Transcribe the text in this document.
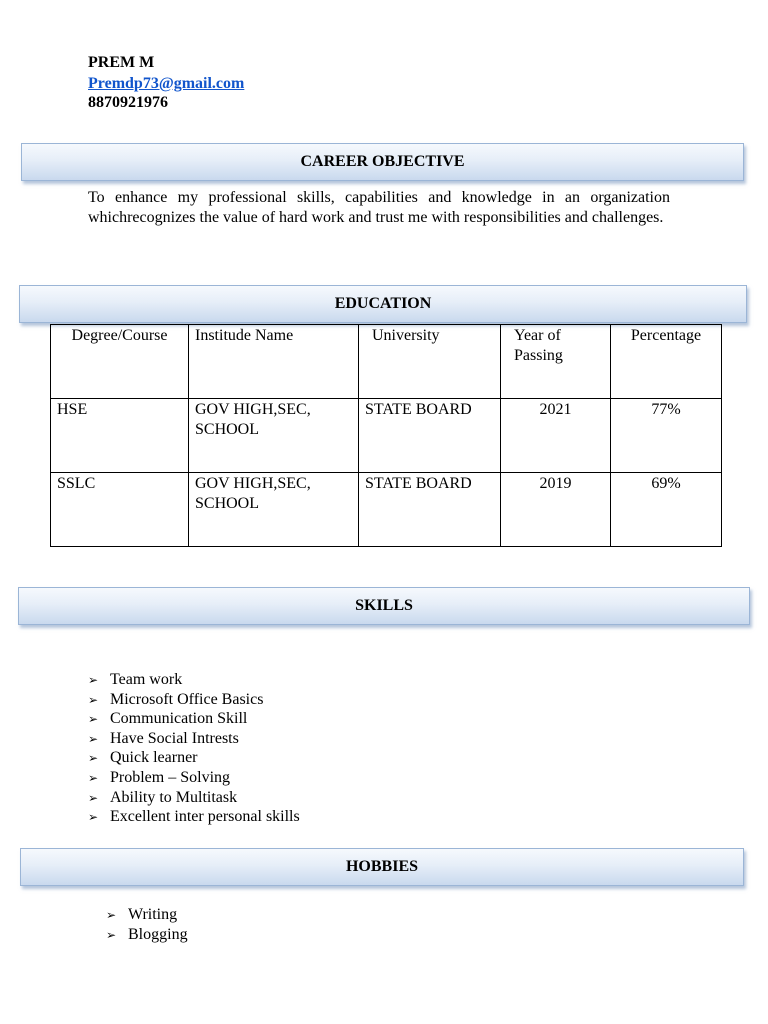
PREM M
Premdp73@gmail.com
8870921976
CAREER OBJECTIVE
To enhance my professional skills, capabilities and knowledge in an organization whichrecognizes the value of hard work and trust me with responsibilities and challenges.
EDUCATION
Degree/Course	Institude Name	University	Year of Passing	Percentage
HSE	GOV HIGH,SEC, SCHOOL	STATE BOARD	2021	77%
SSLC	GOV HIGH,SEC, SCHOOL	STATE BOARD	2019	69%
SKILLS
➢ Team work
➢ Microsoft Office Basics
➢ Communication Skill
➢ Have Social Intrests
➢ Quick learner
➢ Problem – Solving
➢ Ability to Multitask
➢ Excellent inter personal skills
HOBBIES
➢ Writing
➢ Blogging
